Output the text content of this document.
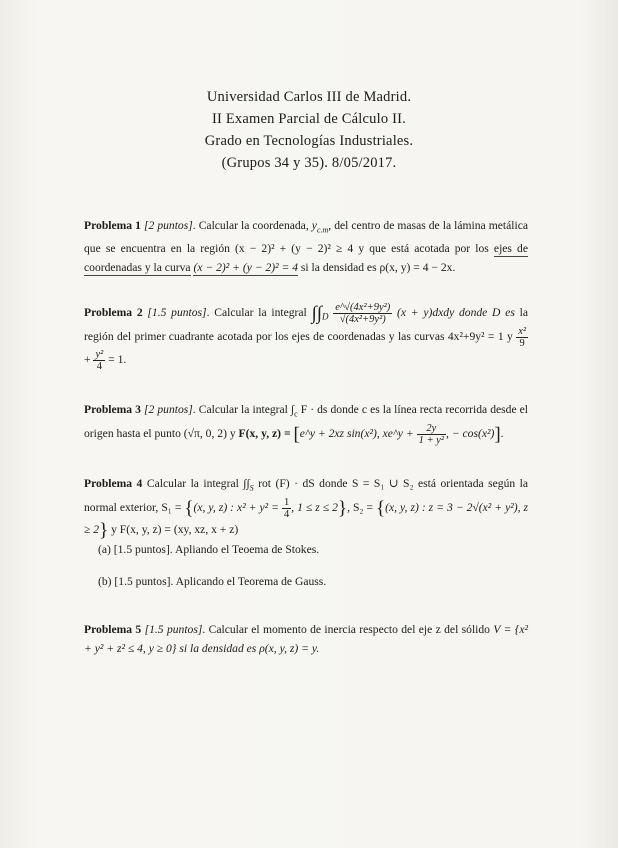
Universidad Carlos III de Madrid.
II Examen Parcial de Cálculo II.
Grado en Tecnologías Industriales.
(Grupos 34 y 35). 8/05/2017.
Problema 1 [2 puntos]. Calcular la coordenada, $y_{c.m}$, del centro de masas de la lámina metálica que se encuentra en la región (x − 2)² + (y − 2)² ≥ 4 y que está acotada por los ejes de coordenadas y la curva (x − 2)² + (y − 2)² = 4 si la densidad es ρ(x, y) = 4 − 2x.
Problema 2 [1.5 puntos]. Calcular la integral $\int\int_D \frac{\text{e\textasciicircum{}√(4x²+9y²)}}{\text{√(4x²+9y²)}} (x$ + y)dxdy donde D es la región del primer cuadrante acotada por los ejes de coordenadas y las curvas 4x²+9y² = 1 y $\frac{\text{x²}}{9}$
+ $\frac{\text{y²}}{4} = 1$.
Problema 3 [2 puntos]. Calcular la integral $\int_c$ F · ds donde c es la línea recta recorrida desde el origen hasta el punto (√π, 0, 2) y F(x, y, z) = [e^y + 2xz sin(x²), xe^y + $\frac{2y}{\text{1 + y²}}$ , − cos(x²)].
Problema 4 Calcular la integral $\int\int_S$ rot (F) · dS donde S = S₁ ∪ S₂ está orientada según la normal exterior, S₁ = {(x, y, z) : $x^2 + y^2 = \frac{1}{4}$ , 1 ≤ z ≤ 2}, S₂ = {(x, y, z) : z = 3 − 2√(x² + y²), z ≥ 2} y F(x, y, z) = (xy, xz, x + z)
(a) [1.5 puntos]. Apliando el Teoema de Stokes.
(b) [1.5 puntos]. Aplicando el Teorema de Gauss.
Problema 5 [1.5 puntos]. Calcular el momento de inercia respecto del eje z del sólido V = {x² + y² + z² ≤ 4, y ≥ 0} si la densidad es ρ(x, y, z) = y.
